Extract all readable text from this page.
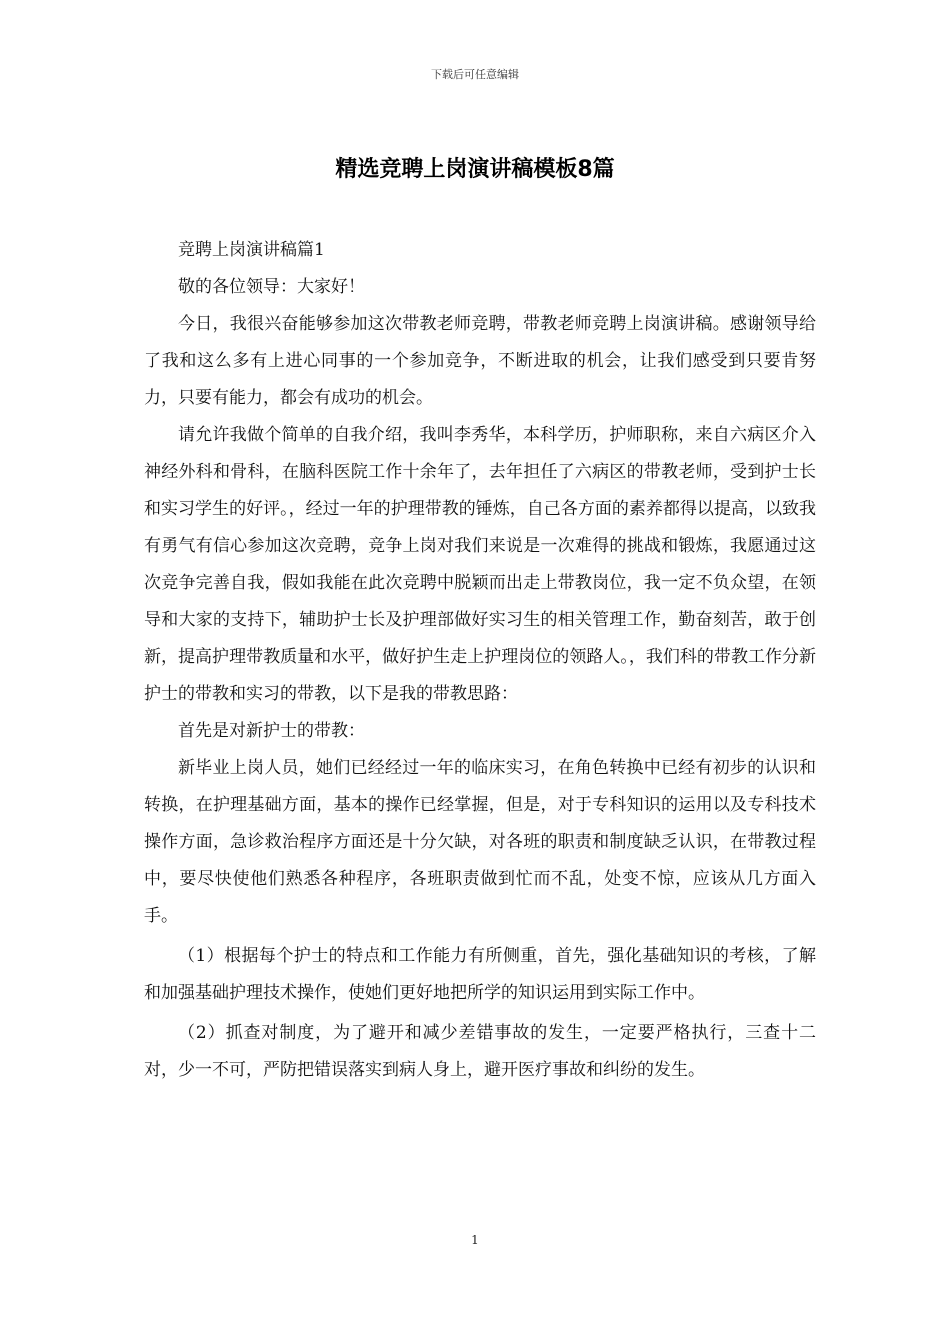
下载后可任意编辑
精选竞聘上岗演讲稿模板8篇

竞聘上岗演讲稿篇1

敬的各位领导：大家好！

今日，我很兴奋能够参加这次带教老师竞聘，带教老师竞聘上岗演讲稿。感谢领导给了我和这么多有上进心同事的一个参加竞争，不断进取的机会，让我们感受到只要肯努力，只要有能力，都会有成功的机会。

请允许我做个简单的自我介绍，我叫李秀华，本科学历，护师职称，来自六病区介入神经外科和骨科，在脑科医院工作十余年了，去年担任了六病区的带教老师，受到护士长和实习学生的好评。，经过一年的护理带教的锤炼，自己各方面的素养都得以提高，以致我有勇气有信心参加这次竞聘，竞争上岗对我们来说是一次难得的挑战和锻炼，我愿通过这次竞争完善自我，假如我能在此次竞聘中脱颖而出走上带教岗位，我一定不负众望，在领导和大家的支持下，辅助护士长及护理部做好实习生的相关管理工作，勤奋刻苦，敢于创新，提高护理带教质量和水平，做好护生走上护理岗位的领路人。，我们科的带教工作分新护士的带教和实习的带教，以下是我的带教思路：

首先是对新护士的带教：

新毕业上岗人员，她们已经经过一年的临床实习，在角色转换中已经有初步的认识和转换，在护理基础方面，基本的操作已经掌握，但是，对于专科知识的运用以及专科技术操作方面，急诊救治程序方面还是十分欠缺，对各班的职责和制度缺乏认识，在带教过程中，要尽快使他们熟悉各种程序，各班职责做到忙而不乱，处变不惊，应该从几方面入手。

（1）根据每个护士的特点和工作能力有所侧重，首先，强化基础知识的考核，了解和加强基础护理技术操作，使她们更好地把所学的知识运用到实际工作中。

（2）抓查对制度，为了避开和减少差错事故的发生，一定要严格执行，三查十二对，少一不可，严防把错误落实到病人身上，避开医疗事故和纠纷的发生。

1
